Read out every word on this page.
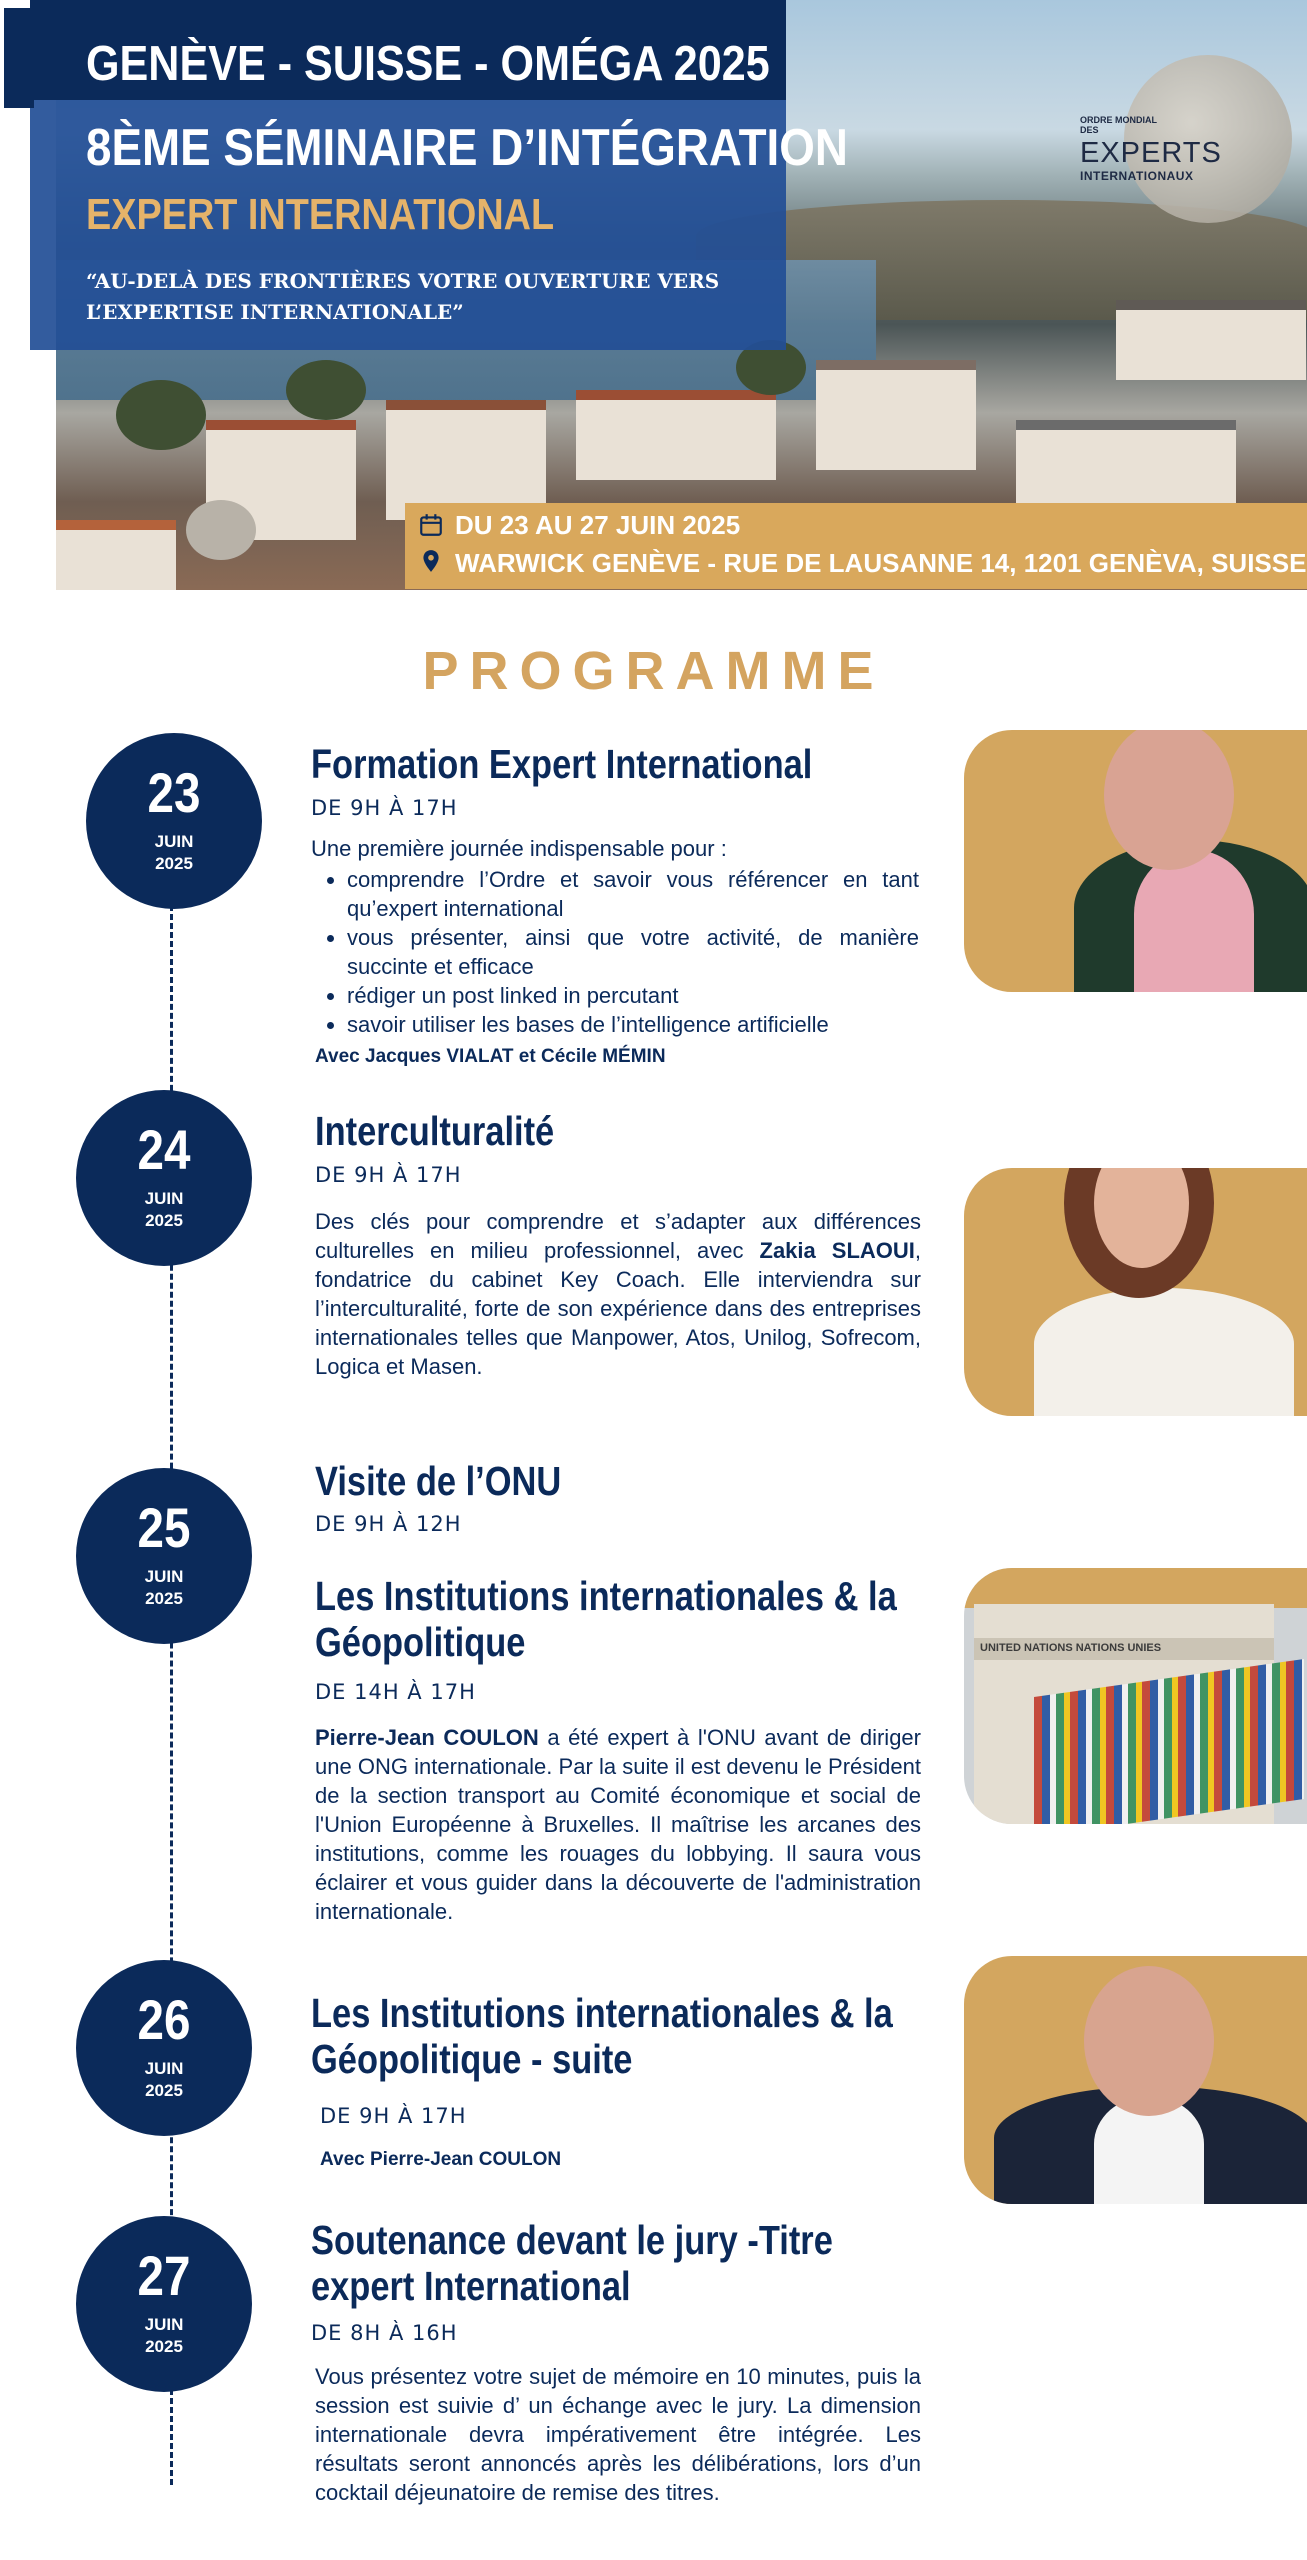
GENÈVE - SUISSE - OMÉGA 2025
8ÈME SÉMINAIRE D’INTÉGRATION
EXPERT INTERNATIONAL
“AU-DELÀ DES FRONTIÈRES VOTRE OUVERTURE VERS L’EXPERTISE INTERNATIONALE”
ORDRE MONDIAL DES
EXPERTS
INTERNATIONAUX
DU 23 AU 27 JUIN 2025
WARWICK GENÈVE - RUE DE LAUSANNE 14, 1201 GENÈVA, SUISSE
PROGRAMME
23
JUIN
2025
Formation Expert International
DE 9H À 17H
Une première journée indispensable pour :
• comprendre l’Ordre et savoir vous référencer en tant qu’expert international
• vous présenter, ainsi que votre activité, de manière succinte et efficace
• rédiger un post linked in percutant
• savoir utiliser les bases de l’intelligence artificielle
Avec Jacques VIALAT et Cécile MÉMIN
24
JUIN
2025
Interculturalité
DE 9H À 17H
Des clés pour comprendre et s’adapter aux différences culturelles en milieu professionnel, avec Zakia SLAOUI, fondatrice du cabinet Key Coach. Elle interviendra sur l’interculturalité, forte de son expérience dans des entreprises internationales telles que Manpower, Atos, Unilog, Sofrecom, Logica et Masen.
25
JUIN
2025
Visite de l’ONU
DE 9H À 12H
Les Institutions internationales & la
Géopolitique
DE 14H À 17H
Pierre-Jean COULON a été expert à l'ONU avant de diriger une ONG internationale. Par la suite il est devenu le Président de la section transport au Comité économique et social de l'Union Européenne à Bruxelles. Il maîtrise les arcanes des institutions, comme les rouages du lobbying. Il saura vous éclairer et vous guider dans la découverte de l'administration internationale.
UNITED NATIONS NATIONS UNIES
26
JUIN
2025
Les Institutions internationales & la
Géopolitique - suite
DE 9H À 17H
Avec Pierre-Jean COULON
27
JUIN
2025
Soutenance devant le jury -Titre
expert International
DE 8H À 16H
Vous présentez votre sujet de mémoire en 10 minutes, puis la session est suivie d’ un échange avec le jury. La dimension internationale devra impérativement être intégrée. Les résultats seront annoncés après les délibérations, lors d’un cocktail déjeunatoire de remise des titres.
